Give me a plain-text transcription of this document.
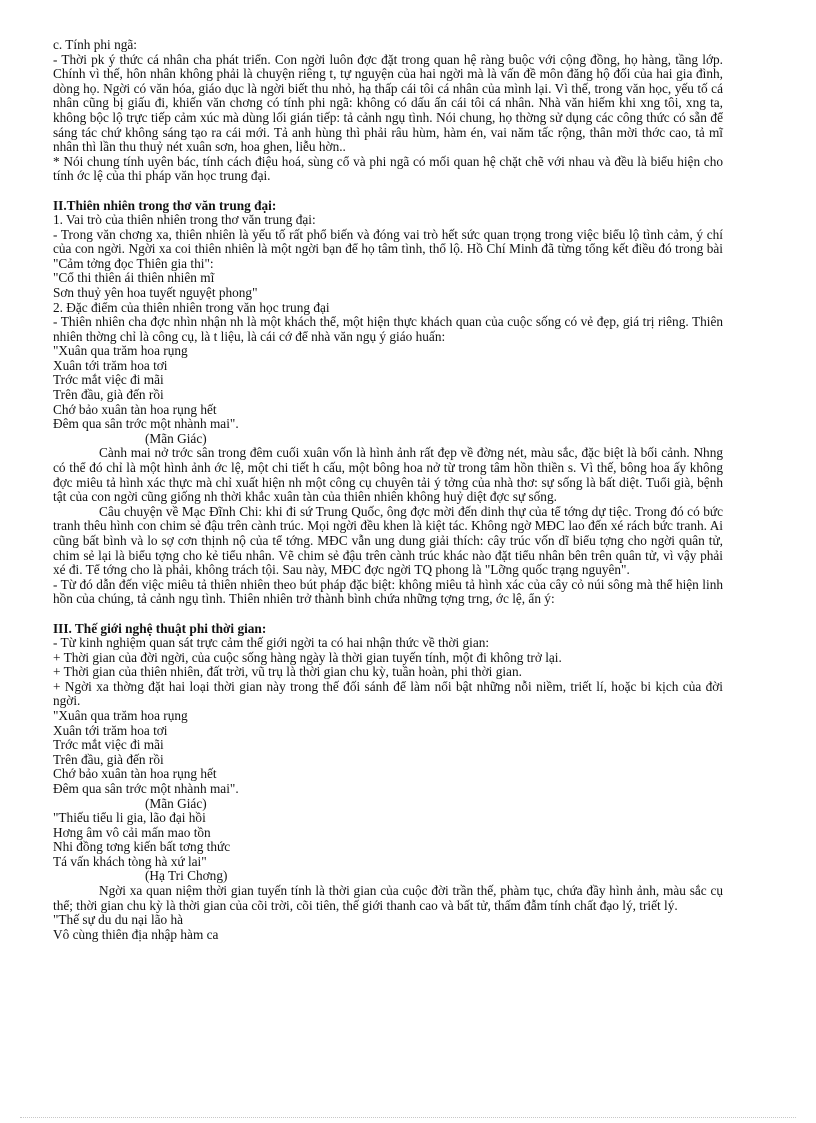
c. Tính phi ngã:

- Thời pk ý thức cá nhân cha phát triển. Con ngời luôn đợc đặt trong quan hệ ràng buộc với cộng đồng, họ hàng, tầng lớp. Chính vì thế, hôn nhân không phải là chuyện riêng t, tự nguyện của hai ngời mà là vấn đề môn đăng hộ đối của hai gia đình, dòng họ. Ngời có văn hóa, giáo dục là ngời biết thu nhỏ, hạ thấp cái tôi cá nhân của mình lại. Vì thế, trong văn học, yếu tố cá nhân cũng bị giấu đi, khiến văn chơng có tính phi ngã: không có dấu ấn cái tôi cá nhân. Nhà văn hiếm khi xng tôi, xng ta, không bộc lộ trực tiếp cảm xúc mà dùng lối gián tiếp: tả cảnh ngụ tình. Nói chung, họ thờng sử dụng các công thức có sẵn để sáng tác chứ không sáng tạo ra cái mới. Tả anh hùng thì phải râu hùm, hàm én, vai năm tấc rộng, thân mời thớc cao, tả mĩ nhân thì lần thu thuỷ nét xuân sơn, hoa ghen, liễu hờn..

* Nói chung tính uyên bác, tính cách điệu hoá, sùng cổ và phi ngã có mối quan hệ chặt chẽ với nhau và đều là biểu hiện cho tính ớc lệ của thi pháp văn học trung đại.

II.Thiên nhiên trong thơ văn trung đại:

1. Vai trò của thiên nhiên trong thơ văn trung đại:

- Trong văn chơng xa, thiên nhiên là yếu tố rất phổ biến và đóng vai trò hết sức quan trọng trong việc biểu lộ tình cảm, ý chí của con ngời. Ngời xa coi thiên nhiên là một ngời bạn để họ tâm tình, thổ lộ. Hồ Chí Minh đã từng tổng kết điều đó trong bài "Cảm tởng đọc Thiên gia thi":

"Cổ thi thiên ái thiên nhiên mĩ

Sơn thuỷ yên hoa tuyết nguyệt phong"

2. Đặc điểm của thiên nhiên trong văn học trung đại

- Thiên nhiên cha đợc nhìn nhận nh là một khách thể, một hiện thực khách quan của cuộc sống có vẻ đẹp, giá trị riêng. Thiên nhiên thờng chỉ là công cụ, là t liệu, là cái cớ để nhà văn ngụ ý giáo huấn:

"Xuân qua trăm hoa rụng

Xuân tới trăm hoa tơi

Trớc mắt việc đi mãi

Trên đầu, già đến rồi

Chớ bảo xuân tàn hoa rụng hết

Đêm qua sân trớc một nhành mai".

(Mãn Giác)

Cành mai nở trớc sân trong đêm cuối xuân vốn là hình ảnh rất đẹp về đờng nét, màu sắc, đặc biệt là bối cảnh. Nhng có thể đó chỉ là một hình ảnh ớc lệ, một chi tiết h cấu, một bông hoa nở từ trong tâm hồn thiền s. Vì thế, bông hoa ấy không đợc miêu tả hình xác thực mà chỉ xuất hiện nh một công cụ chuyên tải ý tởng của nhà thơ: sự sống là bất diệt. Tuổi già, bệnh tật của con ngời cũng giống nh thời khắc xuân tàn của thiên nhiên không huỷ diệt đợc sự sống.

Câu chuyện về Mạc Đĩnh Chi: khi đi sứ Trung Quốc, ông đợc mời đến dinh thự của tể tớng dự tiệc. Trong đó có bức tranh thêu hình con chim sẻ đậu trên cành trúc. Mọi ngời đều khen là kiệt tác. Không ngờ MĐC lao đến xé rách bức tranh. Ai cũng bất bình và lo sợ cơn thịnh nộ của tể tớng. MĐC vẫn ung dung giải thích: cây trúc vốn dĩ biểu tợng cho ngời quân tử, chim sẻ lại là biểu tợng cho kẻ tiểu nhân. Vẽ chim sẻ đậu trên cành trúc khác nào đặt tiểu nhân bên trên quân tử, vì vậy phải xé đi. Tể tớng cho là phải, không trách tội. Sau này, MĐC đợc ngời TQ phong là "Lỡng quốc trạng nguyên".

- Từ đó dẫn đến việc miêu tả thiên nhiên theo bút pháp đặc biệt: không miêu tả hình xác của cây cỏ núi sông mà thể hiện linh hồn của chúng, tả cảnh ngụ tình. Thiên nhiên trở thành bình chứa những tợng trng, ớc lệ, ẩn ý:

III. Thế giới nghệ thuật phi thời gian:

- Từ kinh nghiệm quan sát trực cảm thế giới ngời ta có hai nhận thức về thời gian:

+ Thời gian của đời ngời, của cuộc sống hàng ngày là thời gian tuyến tính, một đi không trở lại.

+ Thời gian của thiên nhiên, đất trời, vũ trụ là thời gian chu kỳ, tuần hoàn, phi thời gian.

+ Ngời xa thờng đặt hai loại thời gian này trong thế đối sánh để làm nổi bật những nỗi niềm, triết lí, hoặc bi kịch của đời ngời.

"Xuân qua trăm hoa rụng

Xuân tới trăm hoa tơi

Trớc mắt việc đi mãi

Trên đầu, già đến rồi

Chớ bảo xuân tàn hoa rụng hết

Đêm qua sân trớc một nhành mai".

(Mãn Giác)

"Thiếu tiểu li gia, lão đại hồi

Hơng âm vô cải mấn mao tồn

Nhi đồng tơng kiến bất tơng thức

Tá vấn khách tòng hà xứ lai"

(Hạ Tri Chơng)

Ngời xa quan niệm thời gian tuyến tính là thời gian của cuộc đời trần thế, phàm tục, chứa đầy hình ảnh, màu sắc cụ thể; thời gian chu kỳ là thời gian của cõi trời, cõi tiên, thế giới thanh cao và bất tử, thấm đẫm tính chất đạo lý, triết lý.

"Thế sự du du nại lão hà

Vô cùng thiên địa nhập hàm ca
